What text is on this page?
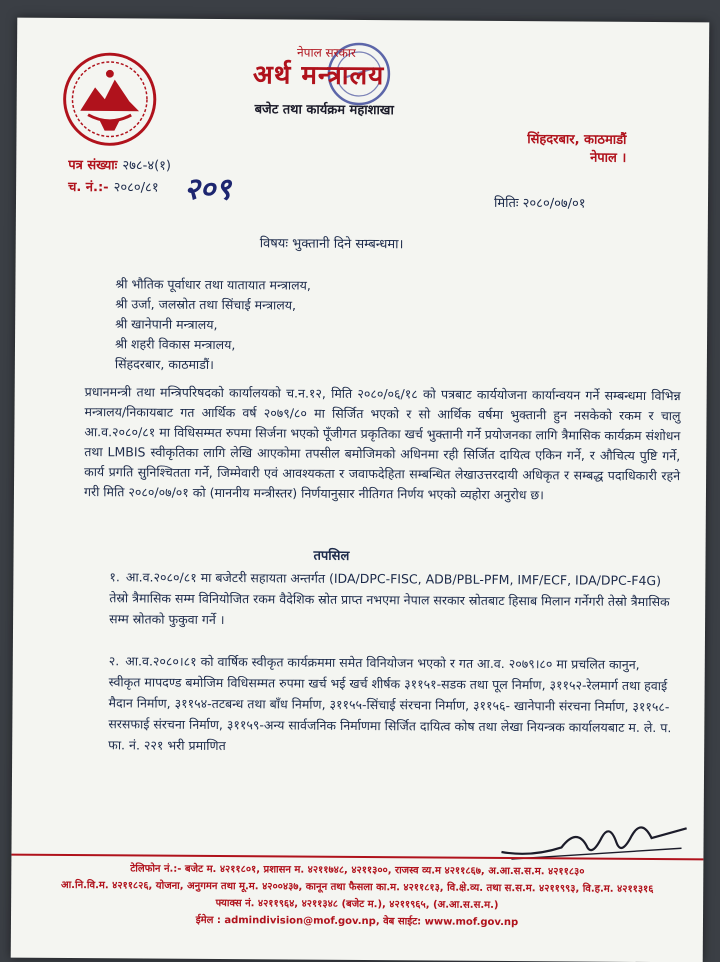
नेपाल सरकार
अर्थ मन्त्रालय
बजेट तथा कार्यक्रम महाशाखा
सिंहदरबार, काठमाडौं
नेपाल ।
पत्र संख्याः २७८-४(१)
च. नं.:- २०८०/८१ २०९	मितिः २०८०/०७/०१
विषयः भुक्तानी दिने सम्बन्धमा।
श्री भौतिक पूर्वाधार तथा यातायात मन्त्रालय,
श्री उर्जा, जलस्रोत तथा सिंचाई मन्त्रालय,
श्री खानेपानी मन्त्रालय,
श्री शहरी विकास मन्त्रालय,
सिंहदरबार, काठमाडौं।

प्रधानमन्त्री तथा मन्त्रिपरिषदको कार्यालयको च.न.१२, मिति २०८०/०६/१८ को पत्रबाट कार्ययोजना कार्यान्वयन गर्ने सम्बन्धमा विभिन्न मन्त्रालय/निकायबाट गत आर्थिक वर्ष २०७९/८० मा सिर्जित भएको र सो आर्थिक वर्षमा भुक्तानी हुन नसकेको रकम र चालु आ.व.२०८०/८१ मा विधिसम्मत रुपमा सिर्जना भएको पूँजीगत प्रकृतिका खर्च भुक्तानी गर्ने प्रयोजनका लागि त्रैमासिक कार्यक्रम संशोधन तथा LMBIS स्वीकृतिका लागि लेखि आएकोमा तपसील बमोजिमको अधिनमा रही सिर्जित दायित्व एकिन गर्ने, र औचित्य पुष्टि गर्ने, कार्य प्रगति सुनिश्चितता गर्ने, जिम्मेवारी एवं आवश्यकता र जवाफदेहिता सम्बन्धित लेखाउत्तरदायी अधिकृत र सम्बद्ध पदाधिकारी रहने गरी मिति २०८०/०७/०१ को (माननीय मन्त्रीस्तर) निर्णयानुसार नीतिगत निर्णय भएको व्यहोरा अनुरोध छ।

तपसिल
१. आ.व.२०८०/८१ मा बजेटरी सहायता अन्तर्गत (IDA/DPC-FISC, ADB/PBL-PFM, IMF/ECF, IDA/DPC-F4G) तेस्रो त्रैमासिक सम्म विनियोजित रकम वैदेशिक स्रोत प्राप्त नभएमा नेपाल सरकार स्रोतबाट हिसाब मिलान गर्नेगरी तेस्रो त्रैमासिक सम्म स्रोतको फुकुवा गर्ने ।
२. आ.व.२०८०।८१ को वार्षिक स्वीकृत कार्यक्रममा समेत विनियोजन भएको र गत आ.व. २०७९।८० मा प्रचलित कानुन, स्वीकृत मापदण्ड बमोजिम विधिसम्मत रुपमा खर्च भई खर्च शीर्षक ३११५१-सडक तथा पूल निर्माण, ३११५२-रेलमार्ग तथा हवाई मैदान निर्माण, ३११५४-तटबन्ध तथा बाँध निर्माण, ३११५५-सिंचाई संरचना निर्माण, ३११५६- खानेपानी संरचना निर्माण, ३११५८-सरसफाई संरचना निर्माण, ३११५९-अन्य सार्वजनिक निर्माणमा सिर्जित दायित्व कोष तथा लेखा नियन्त्रक कार्यालयबाट म. ले. प. फा. नं. २२१ भरी प्रमाणित
टेलिफोन नं.:- बजेट म. ४२११८०१, प्रशासन म. ४२११७४८, ४२११३००, राजस्व व्य.म ४२११८६७, अ.आ.स.स.म. ४२११८३०
आ.नि.वि.म. ४२११८२६, योजना, अनुगमन तथा मू.म. ४२००४३७, कानून तथा फैसला का.म. ४२११८१३, वि.क्षे.व्य. तथा स.स.म. ४२११९९३, वि.ह.म. ४२११३१६
फ्याक्स नं. ४२११९६४, ४२११३४८ (बजेट म.), ४२११९६५, (अ.आ.स.स.म.)
ईमेल : admindivision@mof.gov.np, वेब साईट: www.mof.gov.np
